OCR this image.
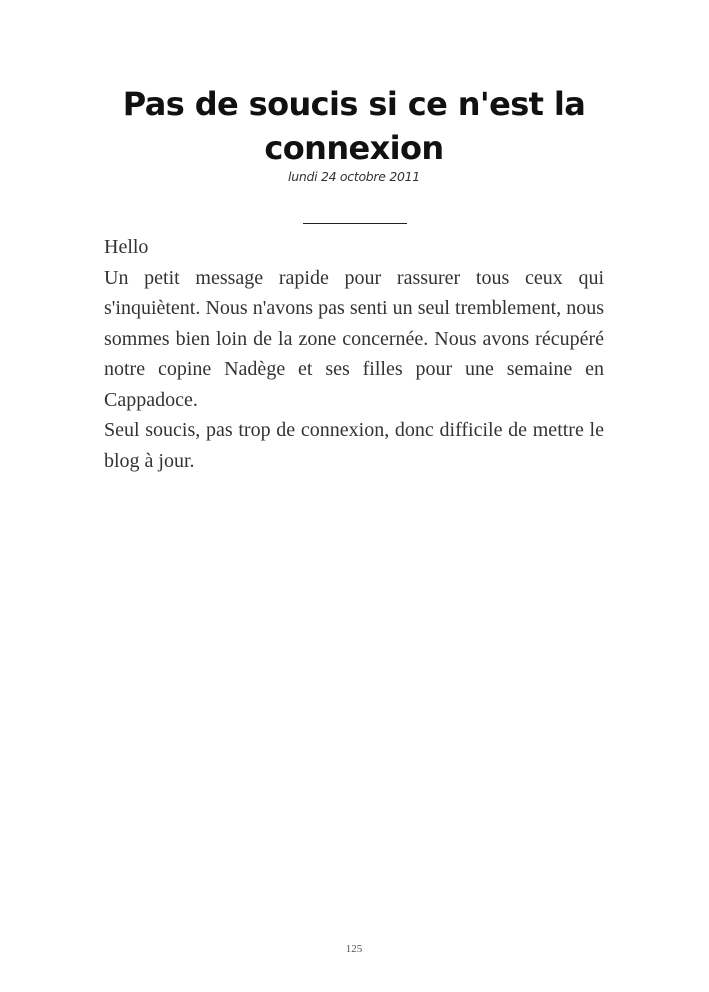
Pas de soucis si ce n'est la connexion
lundi 24 octobre 2011

Hello

Un petit message rapide pour rassurer tous ceux qui s'inquiètent. Nous n'avons pas senti un seul tremblement, nous sommes bien loin de la zone concernée. Nous avons récupéré notre copine Nadège et ses filles pour une semaine en Cappadoce.

Seul soucis, pas trop de connexion, donc difficile de mettre le blog à jour.

125
